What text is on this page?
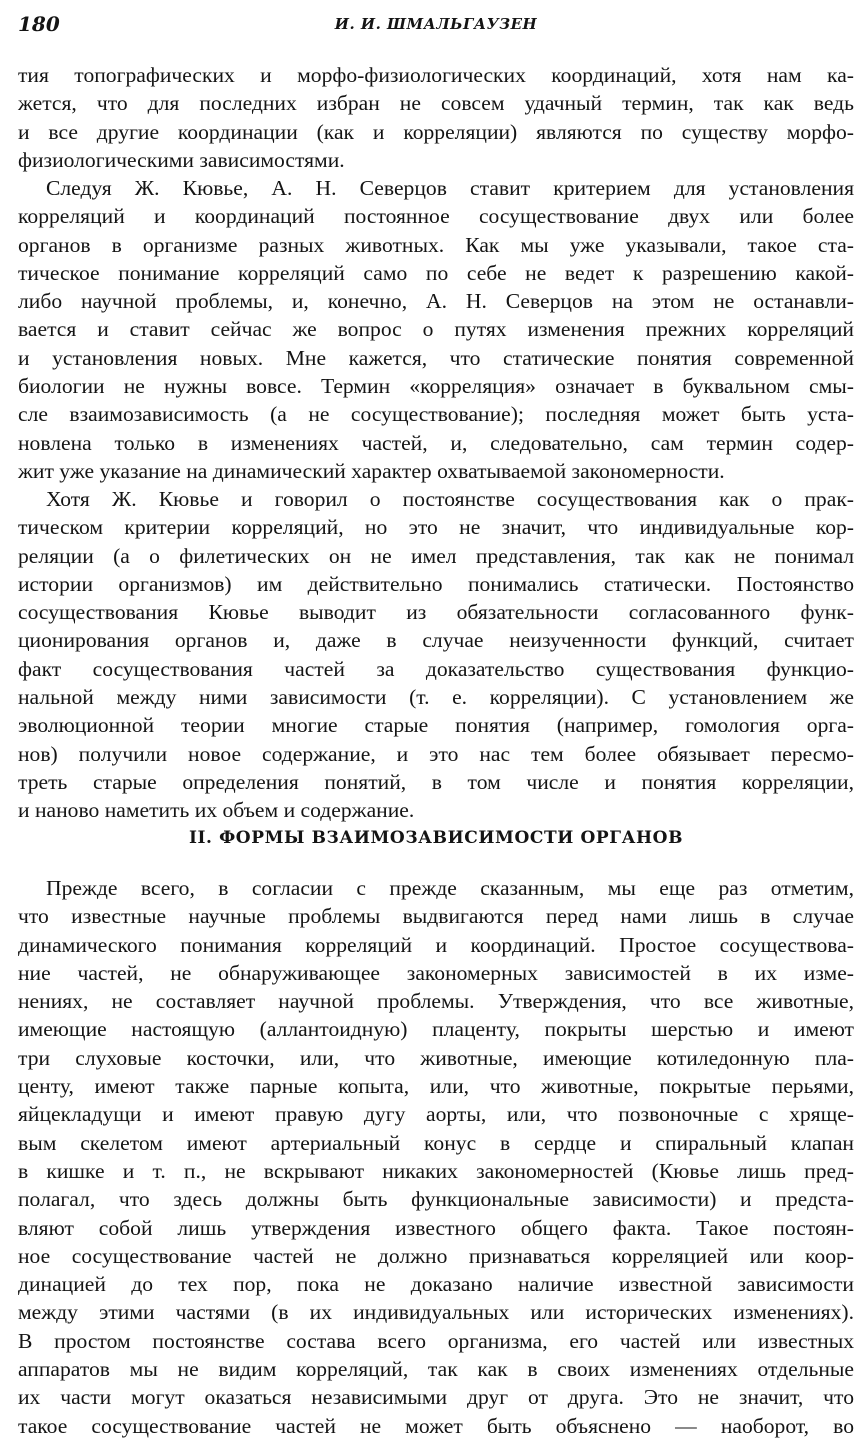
180	И. И. ШМАЛЬГАУЗЕН
тия топографических и морфо-физиологических координаций, хотя нам ка-
жется, что для последних избран не совсем удачный термин, так как ведь
и все другие координации (как и корреляции) являются по существу морфо-
физиологическими зависимостями.
Следуя Ж. Кювье, А. Н. Северцов ставит критерием для установления
корреляций и координаций постоянное сосуществование двух или более
органов в организме разных животных. Как мы уже указывали, такое ста-
тическое понимание корреляций само по себе не ведет к разрешению какой-
либо научной проблемы, и, конечно, А. Н. Северцов на этом не останавли-
вается и ставит сейчас же вопрос о путях изменения прежних корреляций
и установления новых. Мне кажется, что статические понятия современной
биологии не нужны вовсе. Термин «корреляция» означает в буквальном смы-
сле взаимозависимость (а не сосуществование); последняя может быть уста-
новлена только в изменениях частей, и, следовательно, сам термин содер-
жит уже указание на динамический характер охватываемой закономерности.
Хотя Ж. Кювье и говорил о постоянстве сосуществования как о прак-
тическом критерии корреляций, но это не значит, что индивидуальные кор-
реляции (а о филетических он не имел представления, так как не понимал
истории организмов) им действительно понимались статически. Постоянство
сосуществования Кювье выводит из обязательности согласованного функ-
ционирования органов и, даже в случае неизученности функций, считает
факт сосуществования частей за доказательство существования функцио-
нальной между ними зависимости (т. е. корреляции). С установлением же
эволюционной теории многие старые понятия (например, гомология орга-
нов) получили новое содержание, и это нас тем более обязывает пересмо-
треть старые определения понятий, в том числе и понятия корреляции,
и наново наметить их объем и содержание.
II. ФОРМЫ ВЗАИМОЗАВИСИМОСТИ ОРГАНОВ
Прежде всего, в согласии с прежде сказанным, мы еще раз отметим,
что известные научные проблемы выдвигаются перед нами лишь в случае
динамического понимания корреляций и координаций. Простое сосуществова-
ние частей, не обнаруживающее закономерных зависимостей в их изме-
нениях, не составляет научной проблемы. Утверждения, что все животные,
имеющие настоящую (аллантоидную) плаценту, покрыты шерстью и имеют
три слуховые косточки, или, что животные, имеющие котиледонную пла-
центу, имеют также парные копыта, или, что животные, покрытые перьями,
яйцекладущи и имеют правую дугу аорты, или, что позвоночные с хряще-
вым скелетом имеют артериальный конус в сердце и спиральный клапан
в кишке и т. п., не вскрывают никаких закономерностей (Кювье лишь пред-
полагал, что здесь должны быть функциональные зависимости) и предста-
вляют собой лишь утверждения известного общего факта. Такое постоян-
ное сосуществование частей не должно признаваться корреляцией или коор-
динацией до тех пор, пока не доказано наличие известной зависимости
между этими частями (в их индивидуальных или исторических изменениях).
В простом постоянстве состава всего организма, его частей или известных
аппаратов мы не видим корреляций, так как в своих изменениях отдельные
их части могут оказаться независимыми друг от друга. Это не значит, что
такое сосуществование частей не может быть объяснено — наоборот, во
